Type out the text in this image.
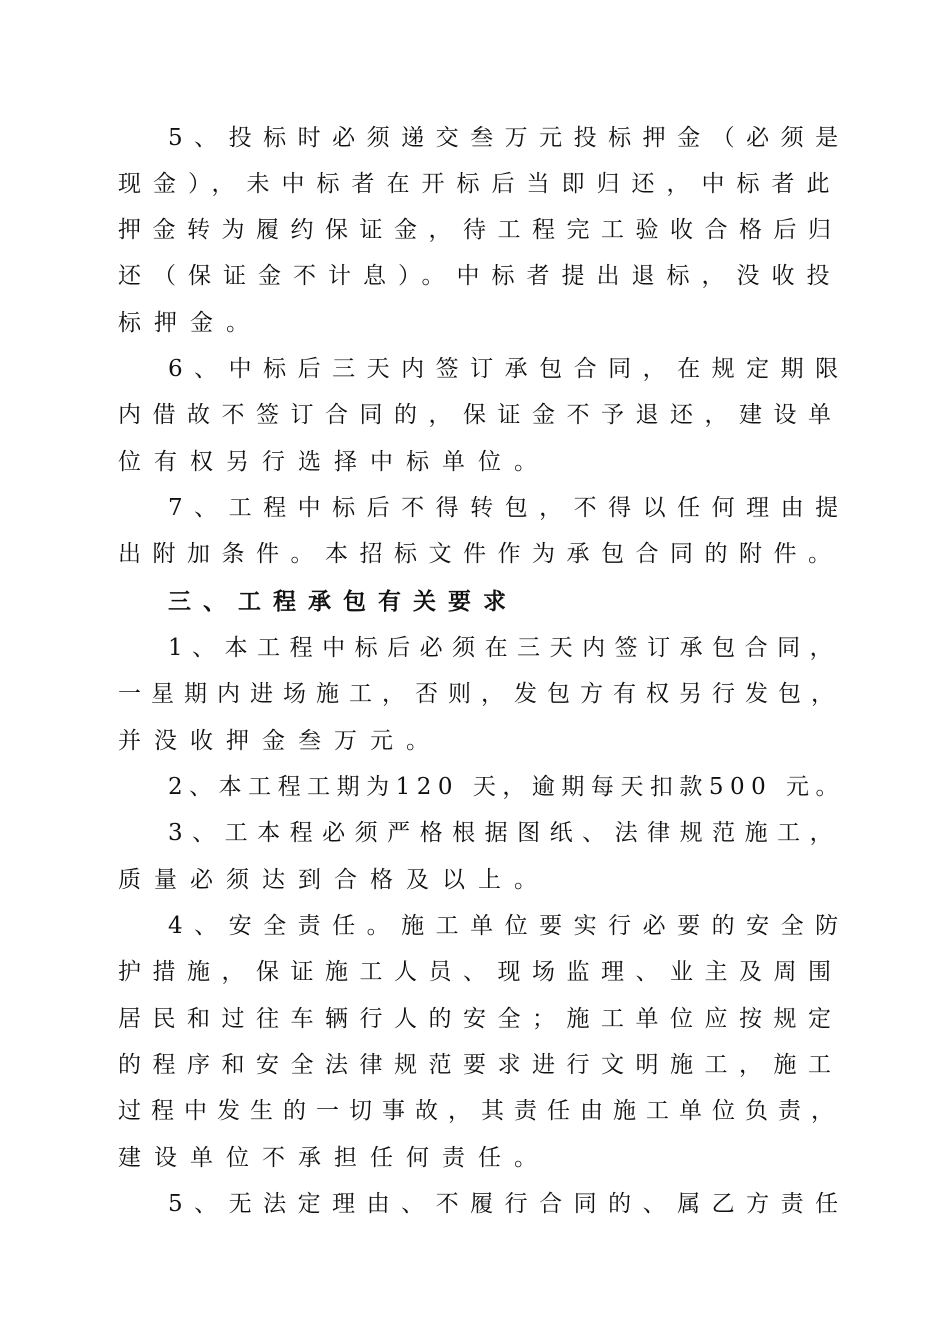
5、投标时必须递交叁万元投标押金（必须是
现金），未中标者在开标后当即归还，中标者此
押金转为履约保证金，待工程完工验收合格后归
还（保证金不计息）。中标者提出退标，没收投
标押金。
6、中标后三天内签订承包合同，在规定期限
内借故不签订合同的，保证金不予退还，建设单
位有权另行选择中标单位。
7、工程中标后不得转包，不得以任何理由提
出附加条件。本招标文件作为承包合同的附件。
三、工程承包有关要求
1、本工程中标后必须在三天内签订承包合同，
一星期内进场施工，否则，发包方有权另行发包，
并没收押金叁万元。
2、本工程工期为120 天，逾期每天扣款500 元。
3、工本程必须严格根据图纸、法律规范施工，
质量必须达到合格及以上。
4、安全责任。施工单位要实行必要的安全防
护措施，保证施工人员、现场监理、业主及周围
居民和过往车辆行人的安全；施工单位应按规定
的程序和安全法律规范要求进行文明施工，施工
过程中发生的一切事故，其责任由施工单位负责，
建设单位不承担任何责任。
5、无法定理由、不履行合同的、属乙方责任
